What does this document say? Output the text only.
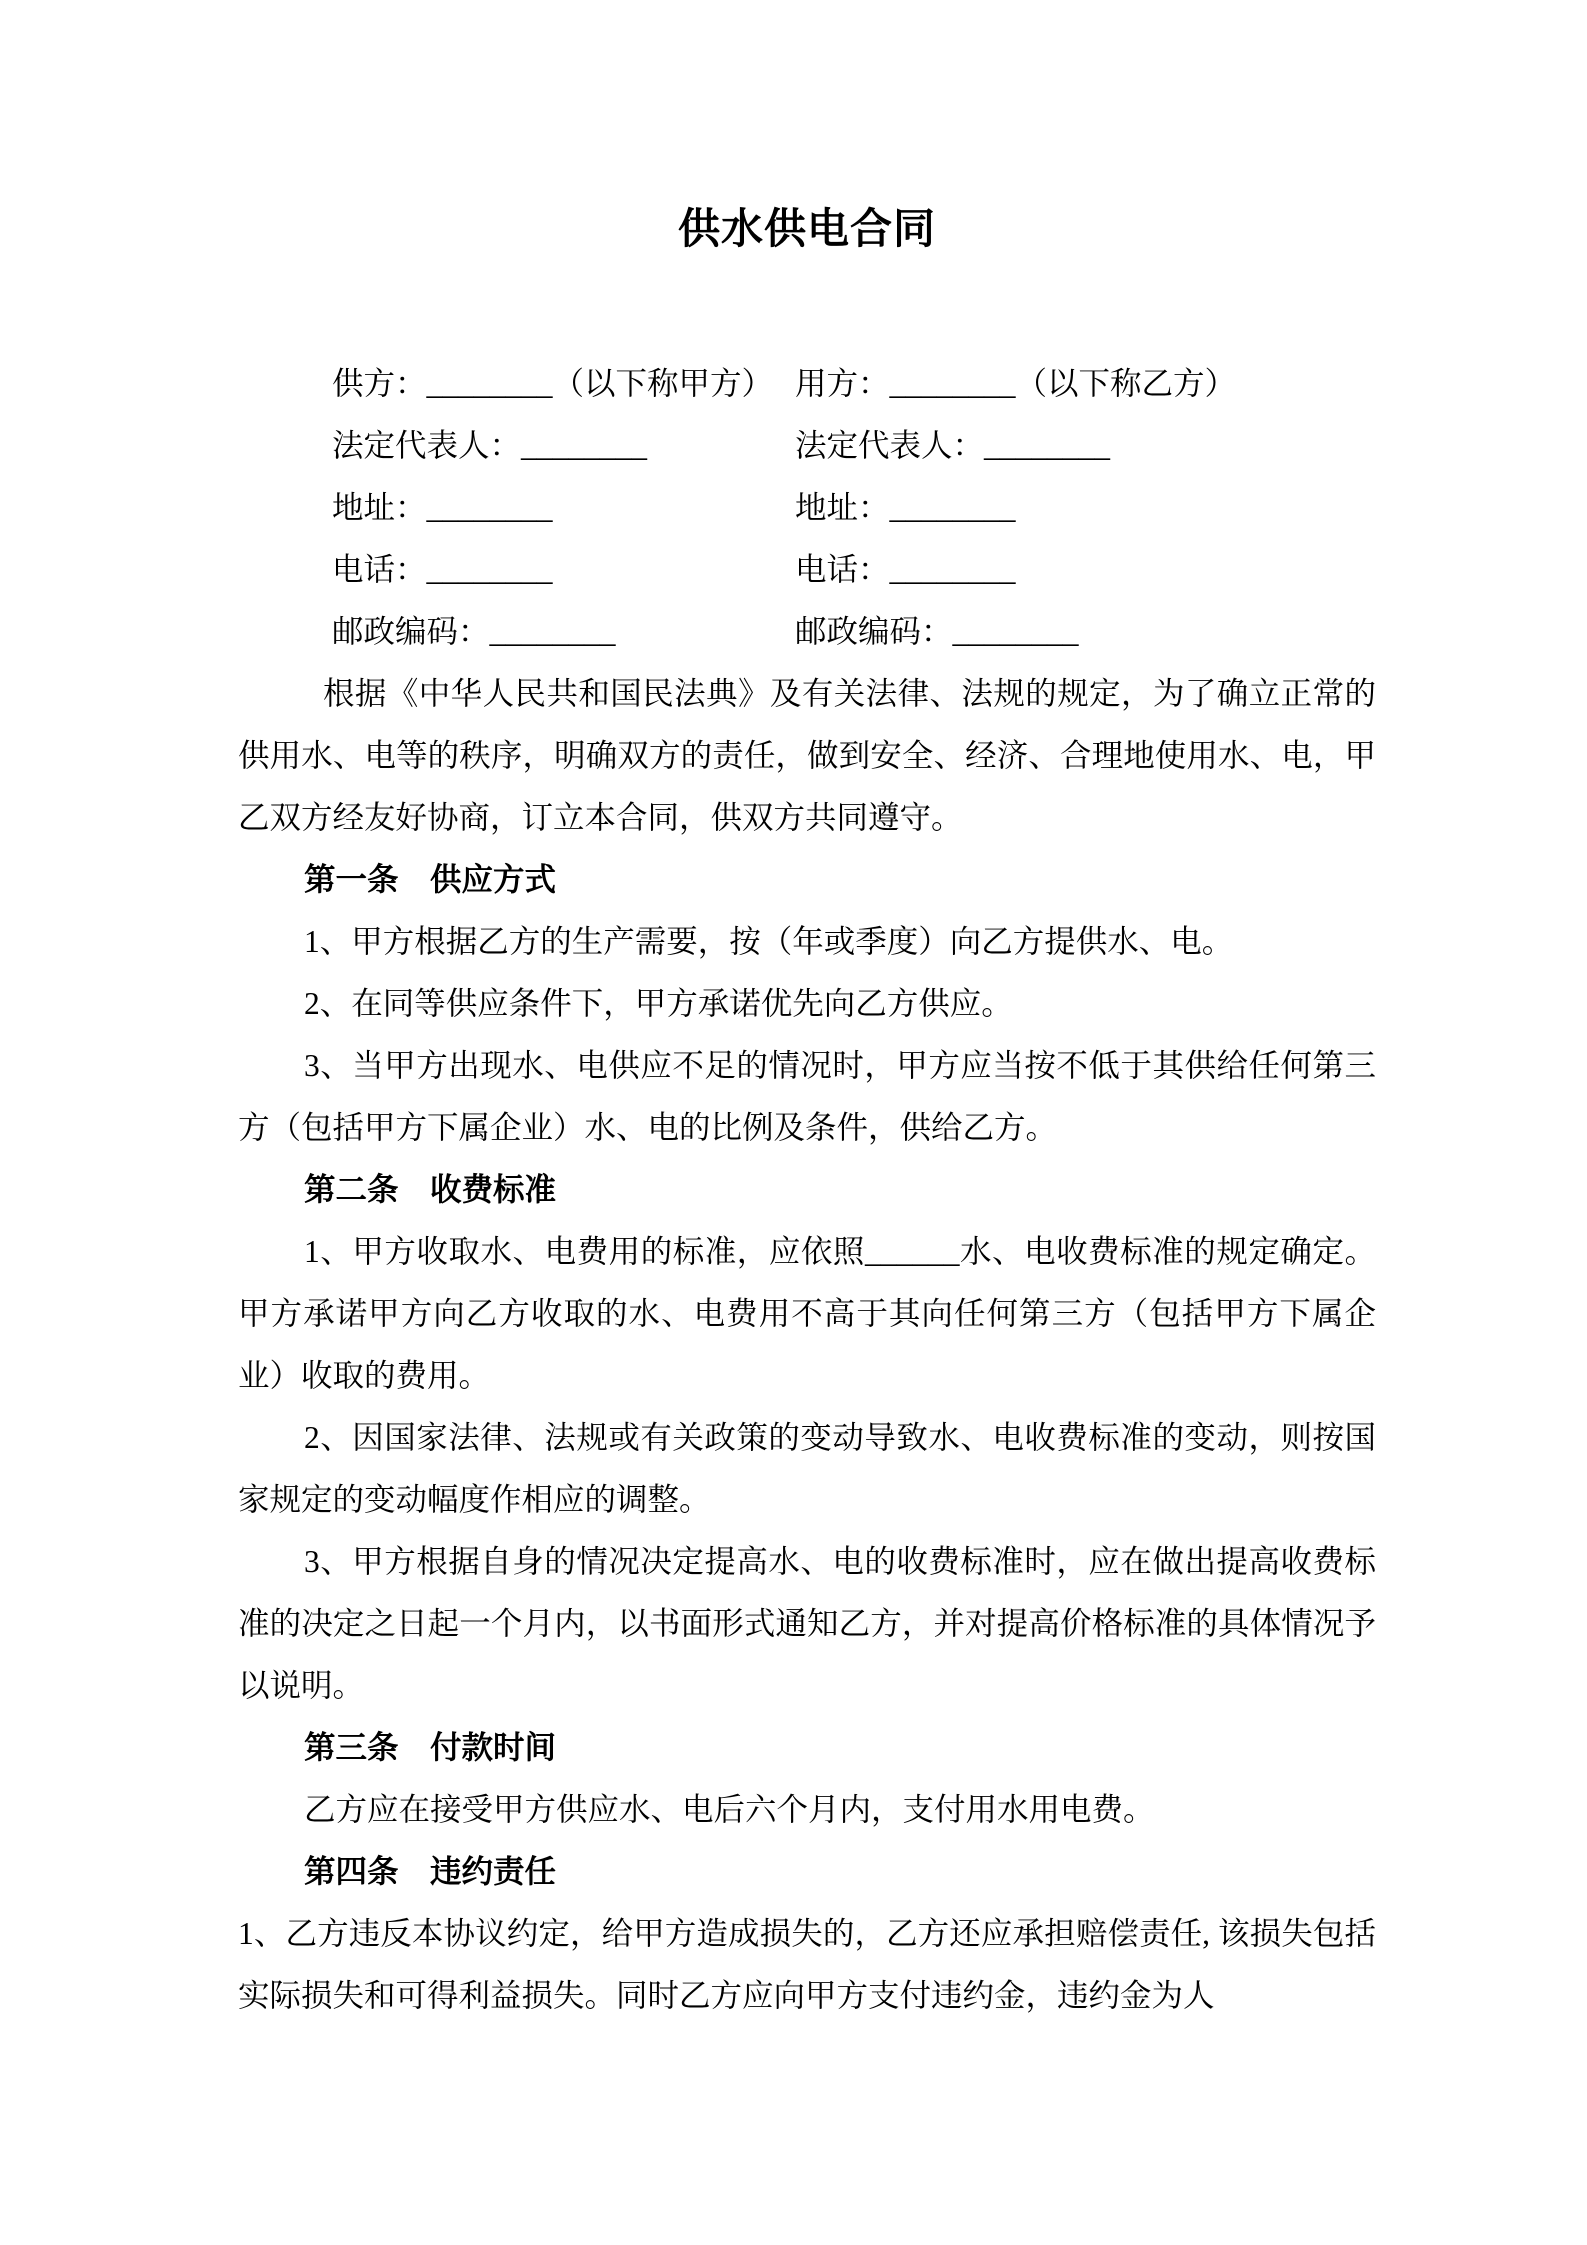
供水供电合同
供方：________（以下称甲方） 用方：________（以下称乙方）
法定代表人：________	法定代表人：________
地址：________	地址：________
电话：________	电话：________
邮政编码：________	邮政编码：________

根据《中华人民共和国民法典》及有关法律、法规的规定，为了确立正常的供用水、电等的秩序，明确双方的责任，做到安全、经济、合理地使用水、电，甲乙双方经友好协商，订立本合同，供双方共同遵守。

第一条　供应方式

1、甲方根据乙方的生产需要，按（年或季度）向乙方提供水、电。

2、在同等供应条件下，甲方承诺优先向乙方供应。

3、当甲方出现水、电供应不足的情况时，甲方应当按不低于其供给任何第三方（包括甲方下属企业）水、电的比例及条件，供给乙方。

第二条　收费标准

1、甲方收取水、电费用的标准，应依照______水、电收费标准的规定确定。甲方承诺甲方向乙方收取的水、电费用不高于其向任何第三方（包括甲方下属企业）收取的费用。

2、因国家法律、法规或有关政策的变动导致水、电收费标准的变动，则按国家规定的变动幅度作相应的调整。

3、甲方根据自身的情况决定提高水、电的收费标准时，应在做出提高收费标准的决定之日起一个月内，以书面形式通知乙方，并对提高价格标准的具体情况予以说明。

第三条　付款时间

乙方应在接受甲方供应水、电后六个月内，支付用水用电费。

第四条　违约责任

1、乙方违反本协议约定，给甲方造成损失的，乙方还应承担赔偿责任, 该损失包括实际损失和可得利益损失。同时乙方应向甲方支付违约金，违约金为人
